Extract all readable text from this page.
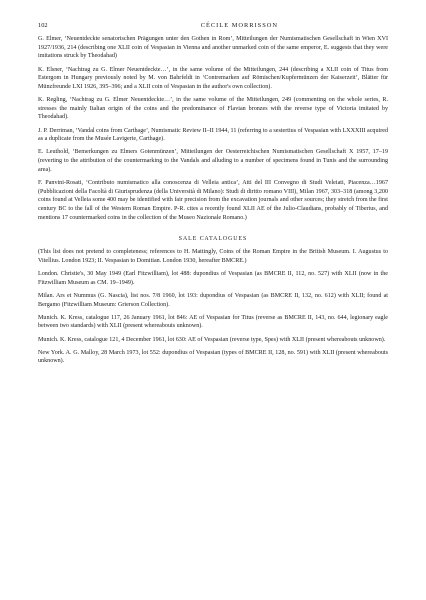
102	CÉCILE MORRISSON

G. Elmer, ‘Neuentdeckte senatorischen Prägungen unter den Gothen in Rom’, Mitteilungen der Numismatischen Gesellschaft in Wien XVI 1927/1936, 214 (describing one XLII coin of Vespasian in Vienna and another unmarked coin of the same emperor, E. suggests that they were imitations struck by Theodahad)

K. Elsner, ‘Nachtrag zu G. Elmer Neuentdeckte…’, in the same volume of the Mitteilungen, 244 (describing a XLII coin of Titus from Estergom in Hungary previously noted by M. von Bahrfeldt in ‘Contremarken auf Römischen/Kupfermünzen der Kaiserzeit’, Blätter für Münzfreunde LXI 1926, 395–396; and a XLII coin of Vespasian in the author's own collection).

K. Regling, ‘Nachtrag zu G. Elmer Neuentdeckte…’, in the same volume of the Mitteilungen, 249 (commenting on the whole series, R. stresses the mainly Italian origin of the coins and the predominance of Flavian bronzes with the reverse type of Victoria imitated by Theodahad).

J. P. Derriman, ‘Vandal coins from Carthage’, Numismatic Review II–II 1944, 11 (referring to a sestertius of Vespasian with LXXXIII acquired as a duplicate from the Musée Lavigerie, Carthage).

E. Leuthold, ‘Bemerkungen zu Elmers Gotenmünzen’, Mitteilungen der Oesterreichischen Numismatischen Gesellschaft X 1957, 17–19 (reverting to the attribution of the countermarking to the Vandals and alluding to a number of specimens found in Tunis and the surrounding area).

F. Panvini-Rosati, ‘Contributo numismatico alla conoscenza di Velleia antica’, Atti del III Convegno di Studi Veleiati, Piacenza…1967 (Pubblicazioni della Facoltà di Giurisprudenza (della Università di Milano): Studi di diritto romano VIII), Milan 1967, 303–318 (among 3,200 coins found at Velleia some 400 may be identified with fair precision from the excavation journals and other sources; they stretch from the first century BC to the fall of the Western Roman Empire. P-R. cites a recently found XLII AE of the Julio-Claudians, probably of Tiberius, and mentions 17 countermarked coins in the collection of the Museo Nazionale Romano.)

SALE CATALOGUES

(This list does not pretend to completeness; references to H. Mattingly, Coins of the Roman Empire in the British Museum. I. Augustus to Vitellius. London 1923; II. Vespasian to Domitian. London 1930, hereafter BMCRE.)

London. Christie's, 30 May 1949 (Earl Fitzwilliam), lot 488: dupondius of Vespasian (as BMCRE II, 112, no. 527) with XLII (now in the Fitzwilliam Museum as CM. 19–1949).

Milan. Ars et Nummus (G. Nascia), list nos. 7/8 1960, lot 193: dupondius of Vespasian (as BMCRE II, 132, no. 612) with XLII; found at Bergamo (Fitzwilliam Museum: Grierson Collection).

Munich. K. Kress, catalogue 117, 26 January 1961, lot 846: AE of Vespasian for Titus (reverse as BMCRE II, 143, no. 644, legionary eagle between two standards) with XLII (present whereabouts unknown).

Munich. K. Kress, catalogue 121, 4 December 1961, lot 630: AE of Vespasian (reverse type, Spes) with XLII (present whereabouts unknown).

New York. A. G. Malloy, 28 March 1973, lot 552: dupondius of Vespasian (types of BMCRE II, 128, no. 591) with XLII (present whereabouts unknown).
